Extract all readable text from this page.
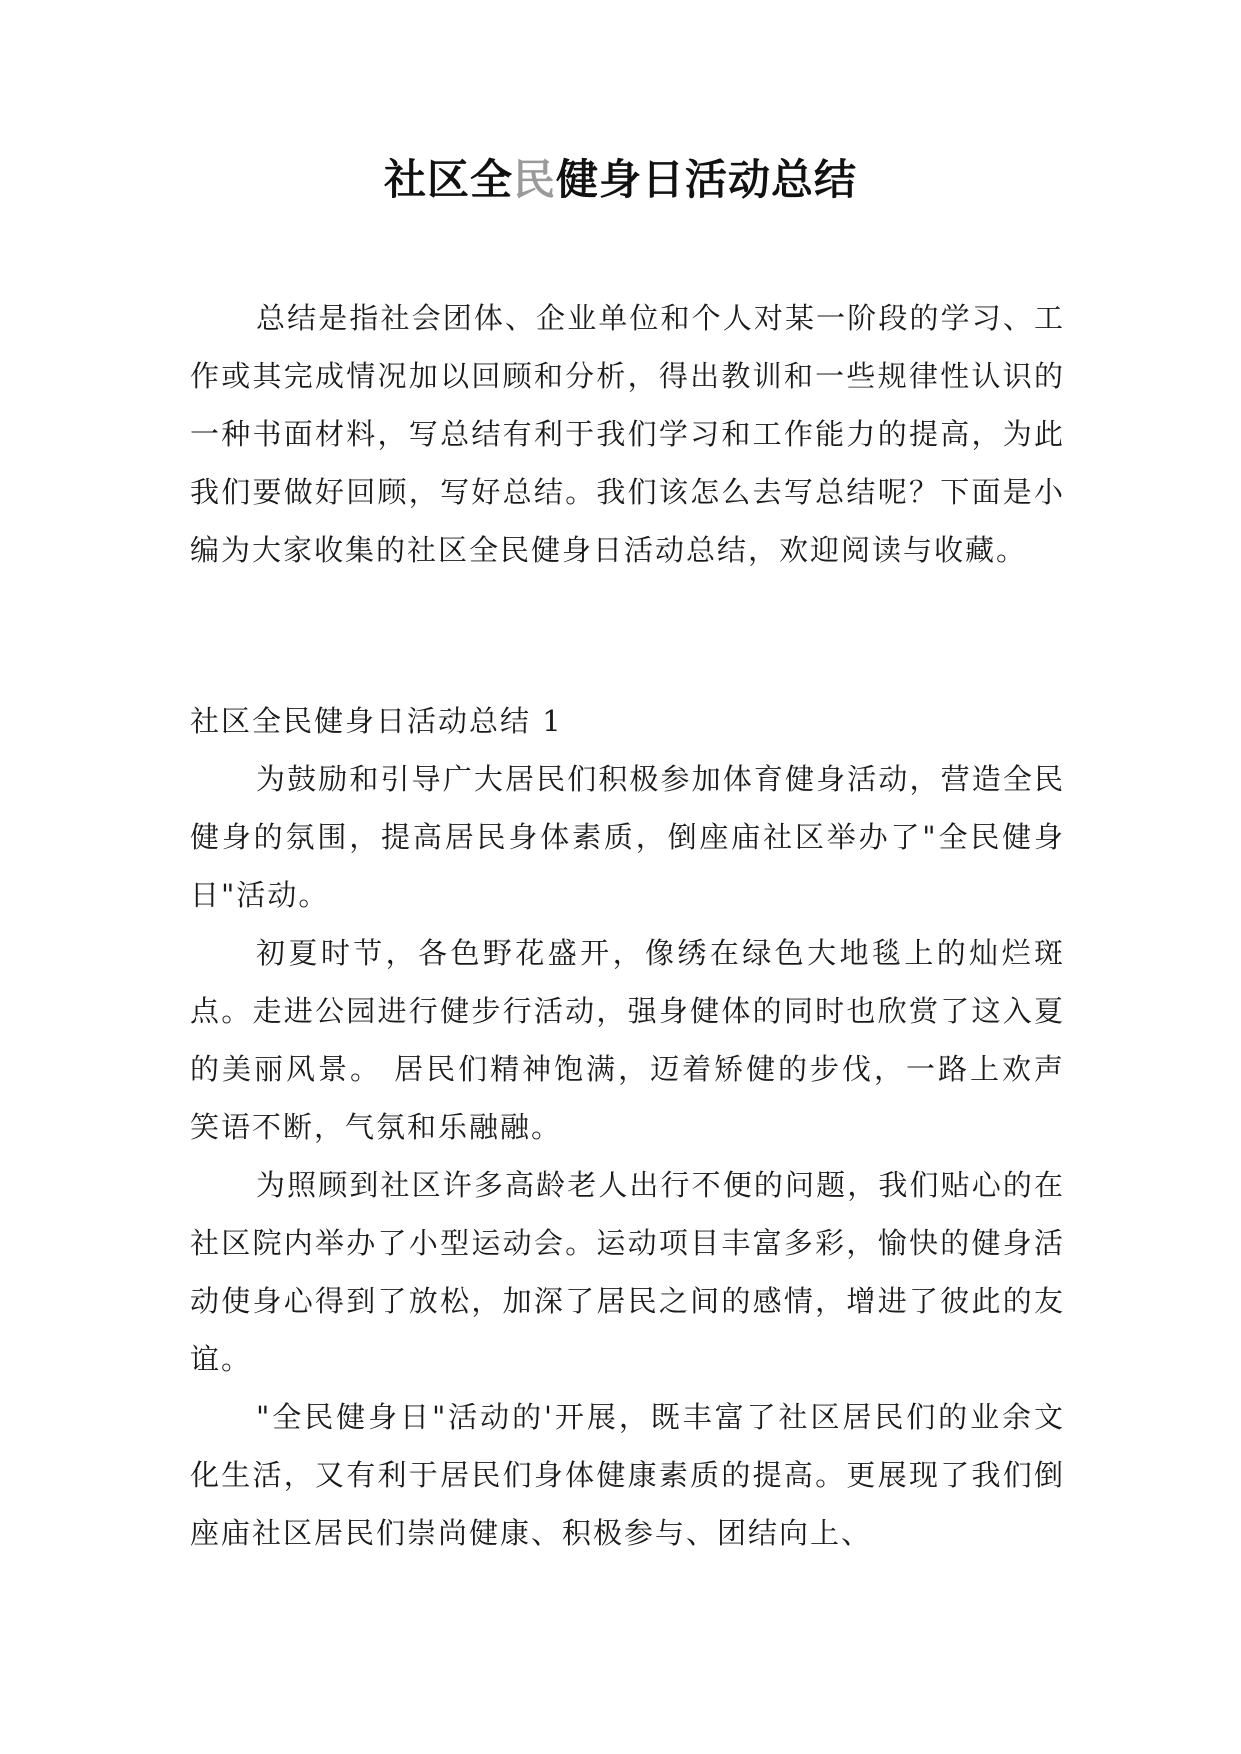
社区全民健身日活动总结

总结是指社会团体、企业单位和个人对某一阶段的学习、工作或其完成情况加以回顾和分析，得出教训和一些规律性认识的一种书面材料，写总结有利于我们学习和工作能力的提高，为此我们要做好回顾，写好总结。我们该怎么去写总结呢？下面是小编为大家收集的社区全民健身日活动总结，欢迎阅读与收藏。

社区全民健身日活动总结 1

为鼓励和引导广大居民们积极参加体育健身活动，营造全民健身的氛围，提高居民身体素质，倒座庙社区举办了"全民健身日"活动。

初夏时节，各色野花盛开，像绣在绿色大地毯上的灿烂斑点。走进公园进行健步行活动，强身健体的同时也欣赏了这入夏的美丽风景。 居民们精神饱满，迈着矫健的步伐，一路上欢声笑语不断，气氛和乐融融。

为照顾到社区许多高龄老人出行不便的问题，我们贴心的在社区院内举办了小型运动会。运动项目丰富多彩，愉快的健身活动使身心得到了放松，加深了居民之间的感情，增进了彼此的友谊。

"全民健身日"活动的'开展，既丰富了社区居民们的业余文化生活，又有利于居民们身体健康素质的提高。更展现了我们倒座庙社区居民们崇尚健康、积极参与、团结向上、
